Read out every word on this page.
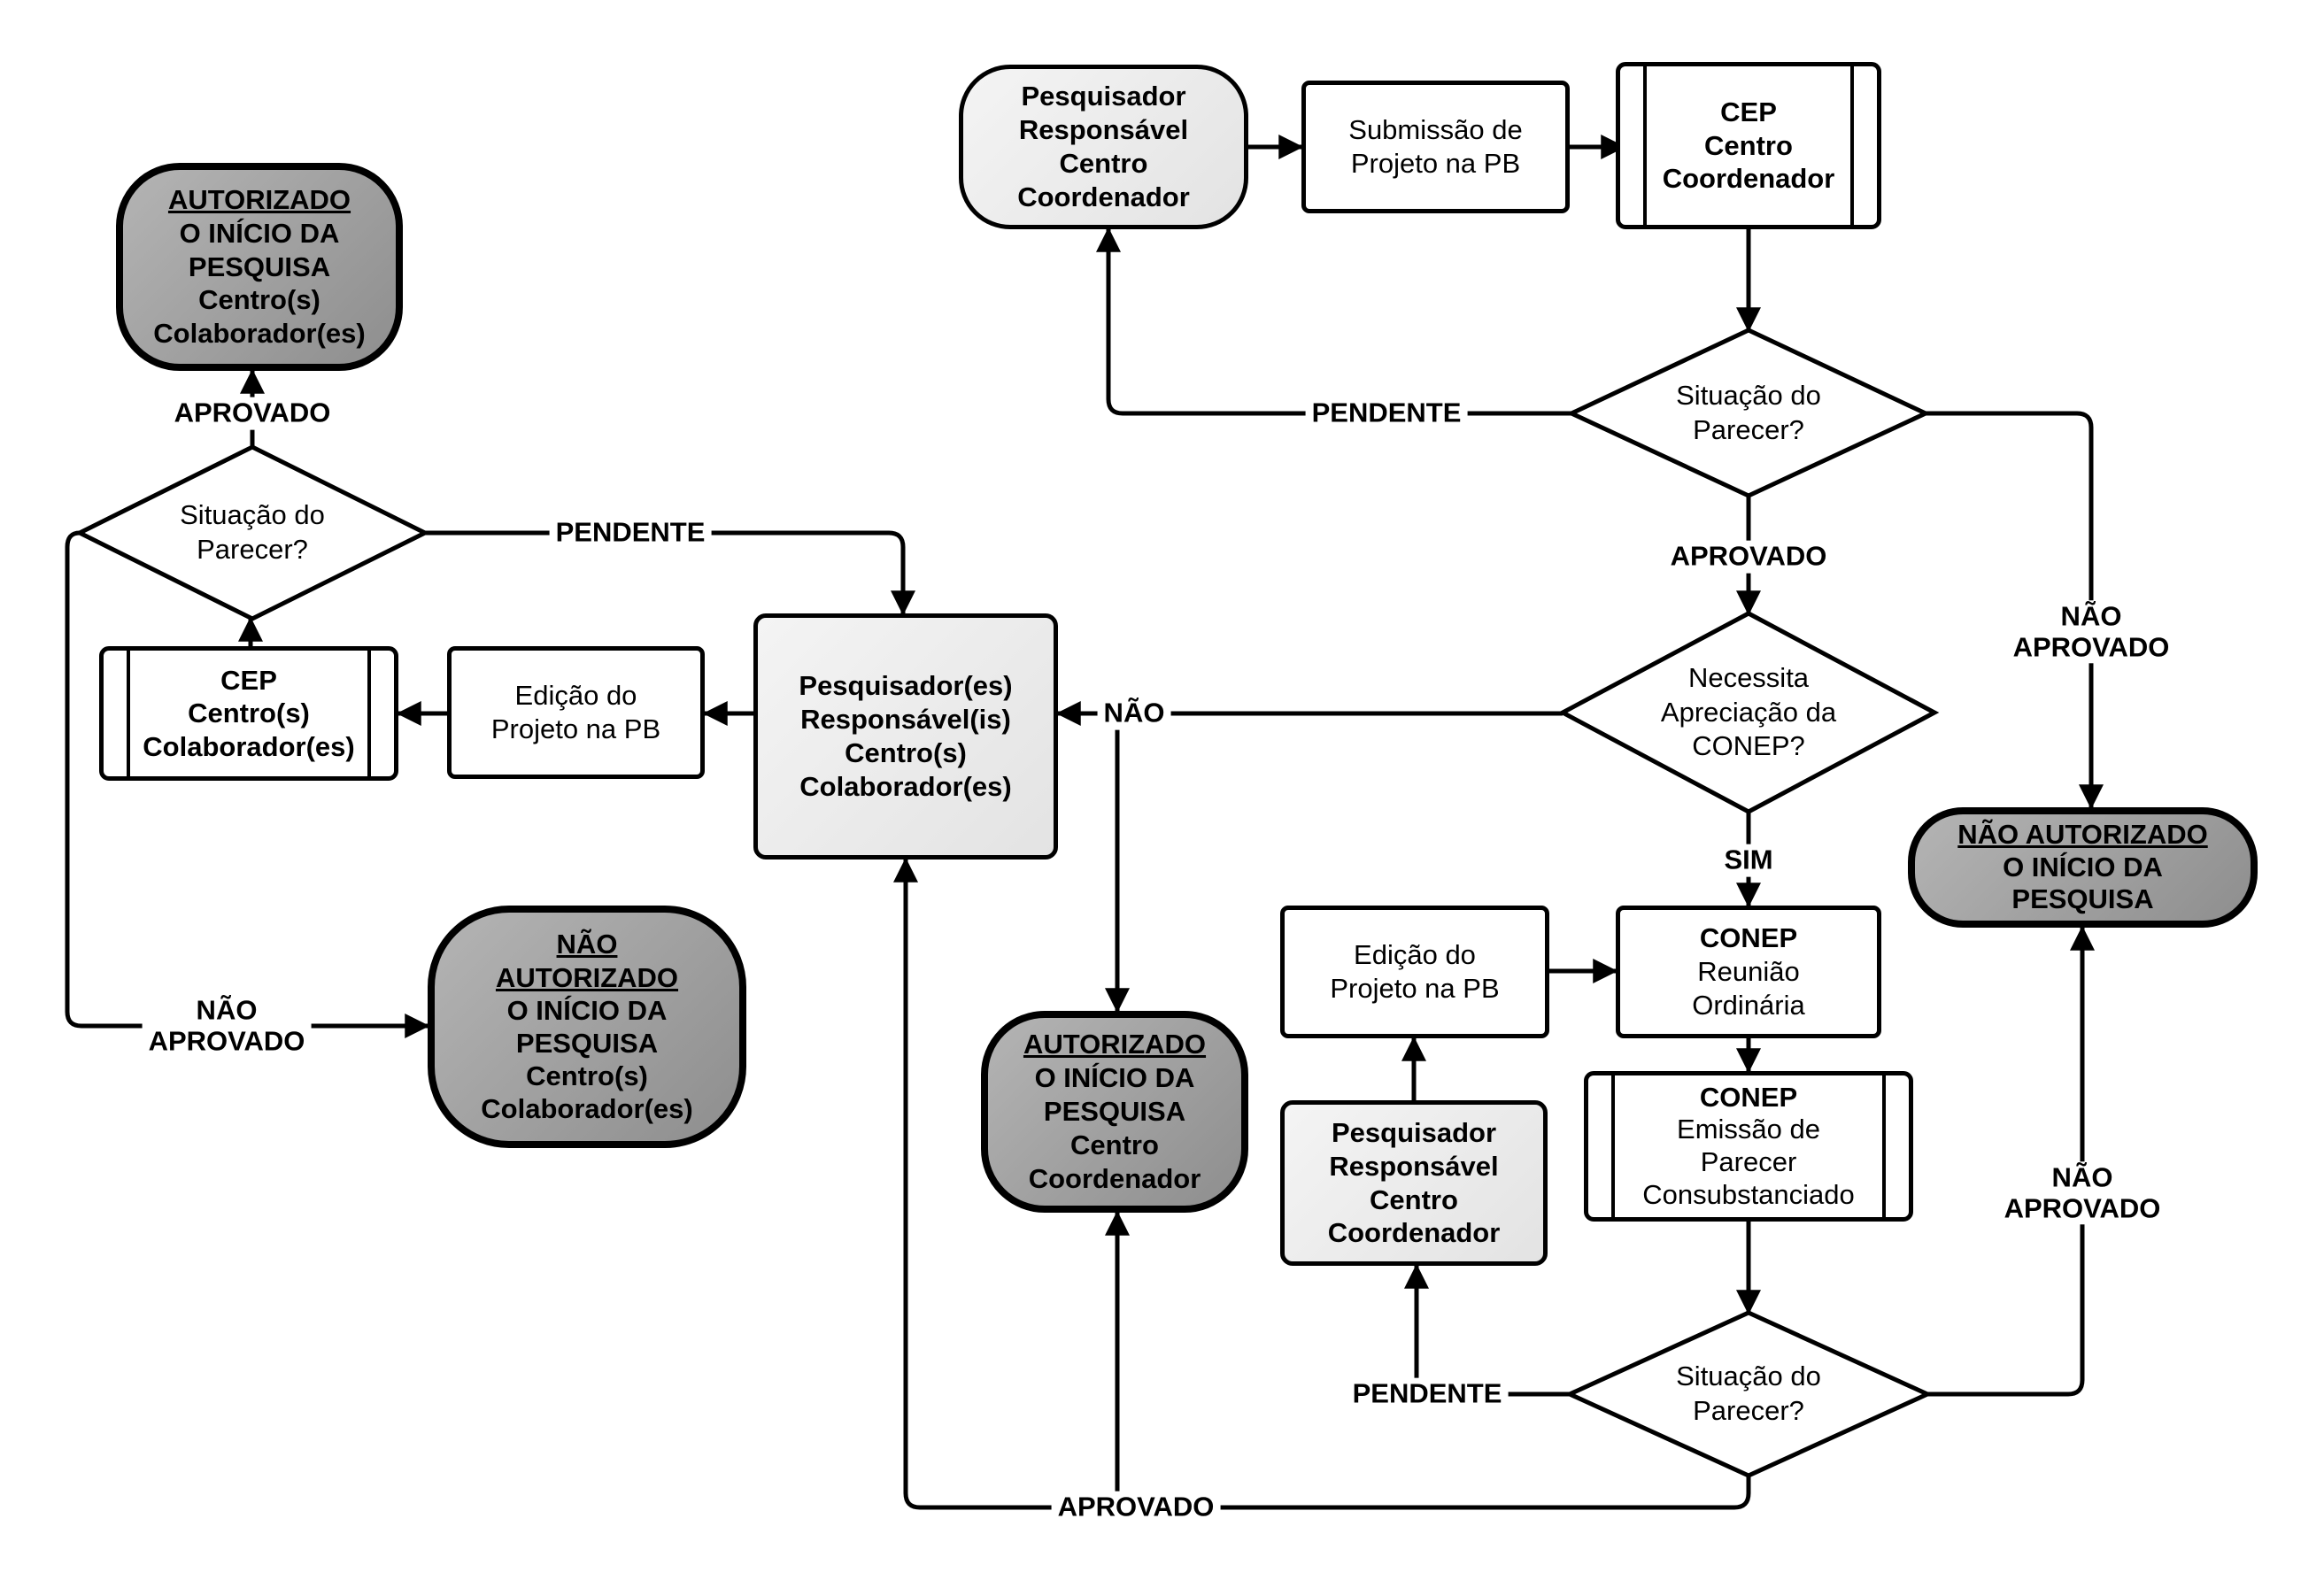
PENDENTE
APROVADO
NÃO
APROVADO
NÃO
SIM
PENDENTE
APROVADO
NÃO
APROVADO
PENDENTE
APROVADO
NÃO
APROVADO
Pesquisador
Responsável
Centro
Coordenador
Submissão de
Projeto na PB
CEP
Centro
Coordenador
Situação do
Parecer?
Necessita
Apreciação da
CONEP?
Situação do
Parecer?
Situação do
Parecer?
Edição do
Projeto na PB
CONEP
Reunião
Ordinária
Pesquisador
Responsável
Centro
Coordenador
CONEP
Emissão de
Parecer
Consubstanciado
AUTORIZADO
O INÍCIO DA
PESQUISA
Centro
Coordenador
NÃO AUTORIZADO
O INÍCIO DA
PESQUISA
Pesquisador(es)
Responsável(is)
Centro(s)
Colaborador(es)
Edição do
Projeto na PB
CEP
Centro(s)
Colaborador(es)
AUTORIZADO
O INÍCIO DA
PESQUISA
Centro(s)
Colaborador(es)
NÃO
AUTORIZADO
O INÍCIO DA
PESQUISA
Centro(s)
Colaborador(es)
